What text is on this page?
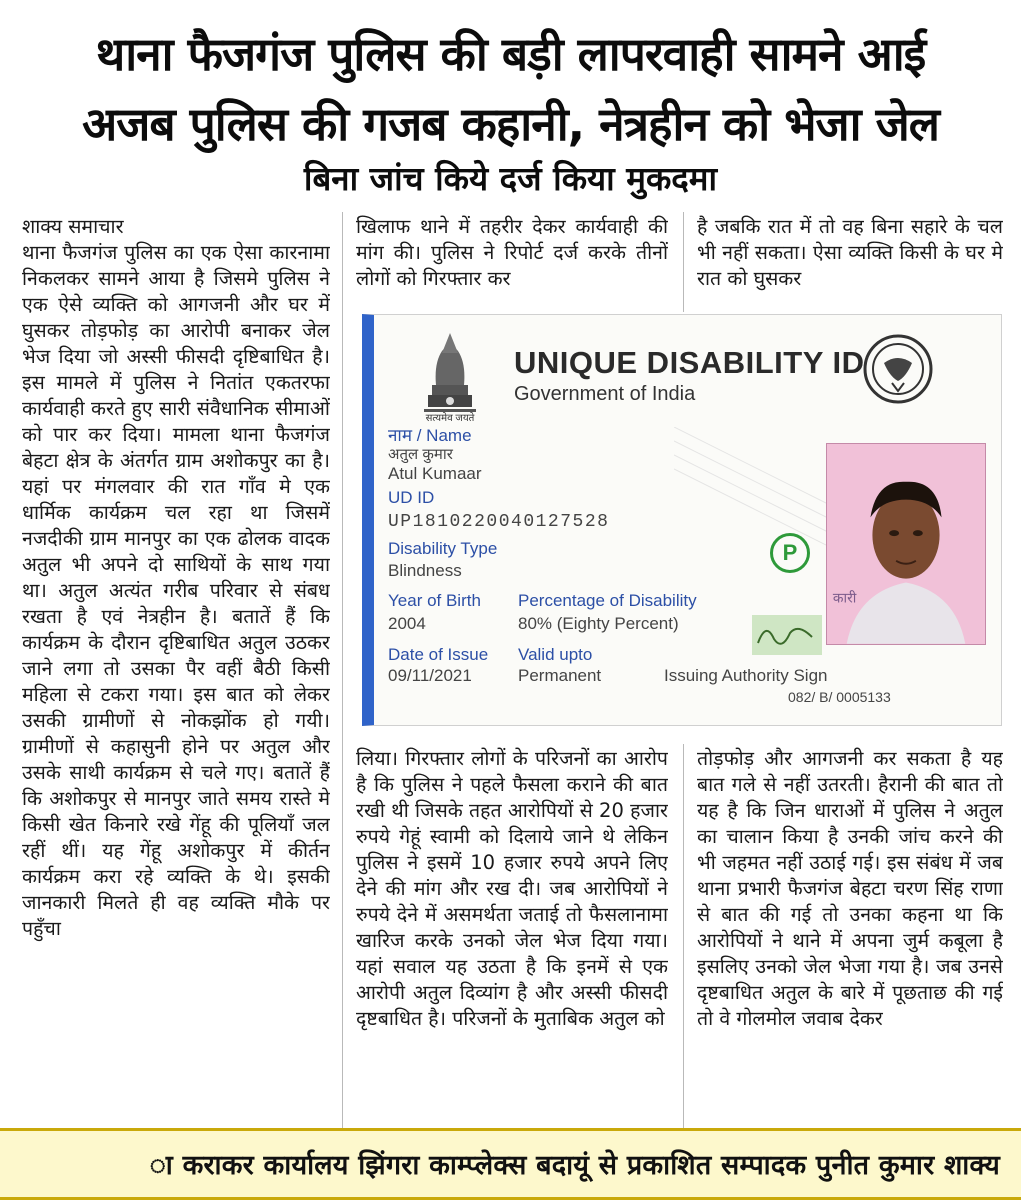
थाना फैजगंज पुलिस की बड़ी लापरवाही सामने आई
अजब पुलिस की गजब कहानी, नेत्रहीन को भेजा जेल
बिना जांच किये दर्ज किया मुकदमा

शाक्य समाचार

थाना फैजगंज पुलिस का एक ऐसा कारनामा निकलकर सामने आया है जिसमे पुलिस ने एक ऐसे व्यक्ति को आगजनी और घर में घुसकर तोड़फोड़ का आरोपी बनाकर जेल भेज दिया जो अस्सी फीसदी दृष्टिबाधित है। इस मामले में पुलिस ने नितांत एकतरफा कार्यवाही करते हुए सारी संवैधानिक सीमाओं को पार कर दिया। मामला थाना फैजगंज बेहटा क्षेत्र के अंतर्गत ग्राम अशोकपुर का है। यहां पर मंगलवार की रात गाँव मे एक धार्मिक कार्यक्रम चल रहा था जिसमें नजदीकी ग्राम मानपुर का एक ढोलक वादक अतुल भी अपने दो साथियों के साथ गया था। अतुल अत्यंत गरीब परिवार से संबध रखता है एवं नेत्रहीन है। बतातें हैं कि कार्यक्रम के दौरान दृष्टिबाधित अतुल उठकर जाने लगा तो उसका पैर वहीं बैठी किसी महिला से टकरा गया। इस बात को लेकर उसकी ग्रामीणों से नोकझोंक हो गयी। ग्रामीणों से कहासुनी होने पर अतुल और उसके साथी कार्यक्रम से चले गए। बतातें हैं कि अशोकपुर से मानपुर जाते समय रास्ते मे किसी खेत किनारे रखे गेंहू की पूलियाँ जल रहीं थीं। यह गेंहू अशोकपुर में कीर्तन कार्यक्रम करा रहे व्यक्ति के थे। इसकी जानकारी मिलते ही वह व्यक्ति मौके पर पहुँचा

खिलाफ थाने में तहरीर देकर कार्यवाही की मांग की। पुलिस ने रिपोर्ट दर्ज करके तीनों लोगों को गिरफ्तार कर

है जबकि रात में तो वह बिना सहारे के चल भी नहीं सकता। ऐसा व्यक्ति किसी के घर मे रात को घुसकर

सत्यमेव जयते
UNIQUE DISABILITY ID
Government of India
नाम / Name
अतुल कुमार
Atul Kumaar
UD ID
UP1810220040127528
Disability Type
Blindness
Year of Birth
2004
Percentage of Disability
80% (Eighty Percent)
Date of Issue
09/11/2021
Valid upto
Permanent	Issuing Authority Sign
082/ B/ 0005133
P
कारी

लिया। गिरफ्तार लोगों के परिजनों का आरोप है कि पुलिस ने पहले फैसला कराने की बात रखी थी जिसके तहत आरोपियों से 20 हजार रुपये गेहूं स्वामी को दिलाये जाने थे लेकिन पुलिस ने इसमें 10 हजार रुपये अपने लिए देने की मांग और रख दी। जब आरोपियों ने रुपये देने में असमर्थता जताई तो फैसलानामा खारिज करके उनको जेल भेज दिया गया। यहां सवाल यह उठता है कि इनमें से एक आरोपी अतुल दिव्यांग है और अस्सी फीसदी दृष्टबाधित है। परिजनों के मुताबिक अतुल को

तोड़फोड़ और आगजनी कर सकता है यह बात गले से नहीं उतरती। हैरानी की बात तो यह है कि जिन धाराओं में पुलिस ने अतुल का चालान किया है उनकी जांच करने की भी जहमत नहीं उठाई गई। इस संबंध में जब थाना प्रभारी फैजगंज बेहटा चरण सिंह राणा से बात की गई तो उनका कहना था कि आरोपियों ने थाने में अपना जुर्म कबूला है इसलिए उनको जेल भेजा गया है। जब उनसे दृष्टबाधित अतुल के बारे में पूछताछ की गई तो वे गोलमोल जवाब देकर

ा कराकर कार्यालय झिंगरा काम्प्लेक्स बदायूं से प्रकाशित सम्पादक पुनीत कुमार शाक्य
